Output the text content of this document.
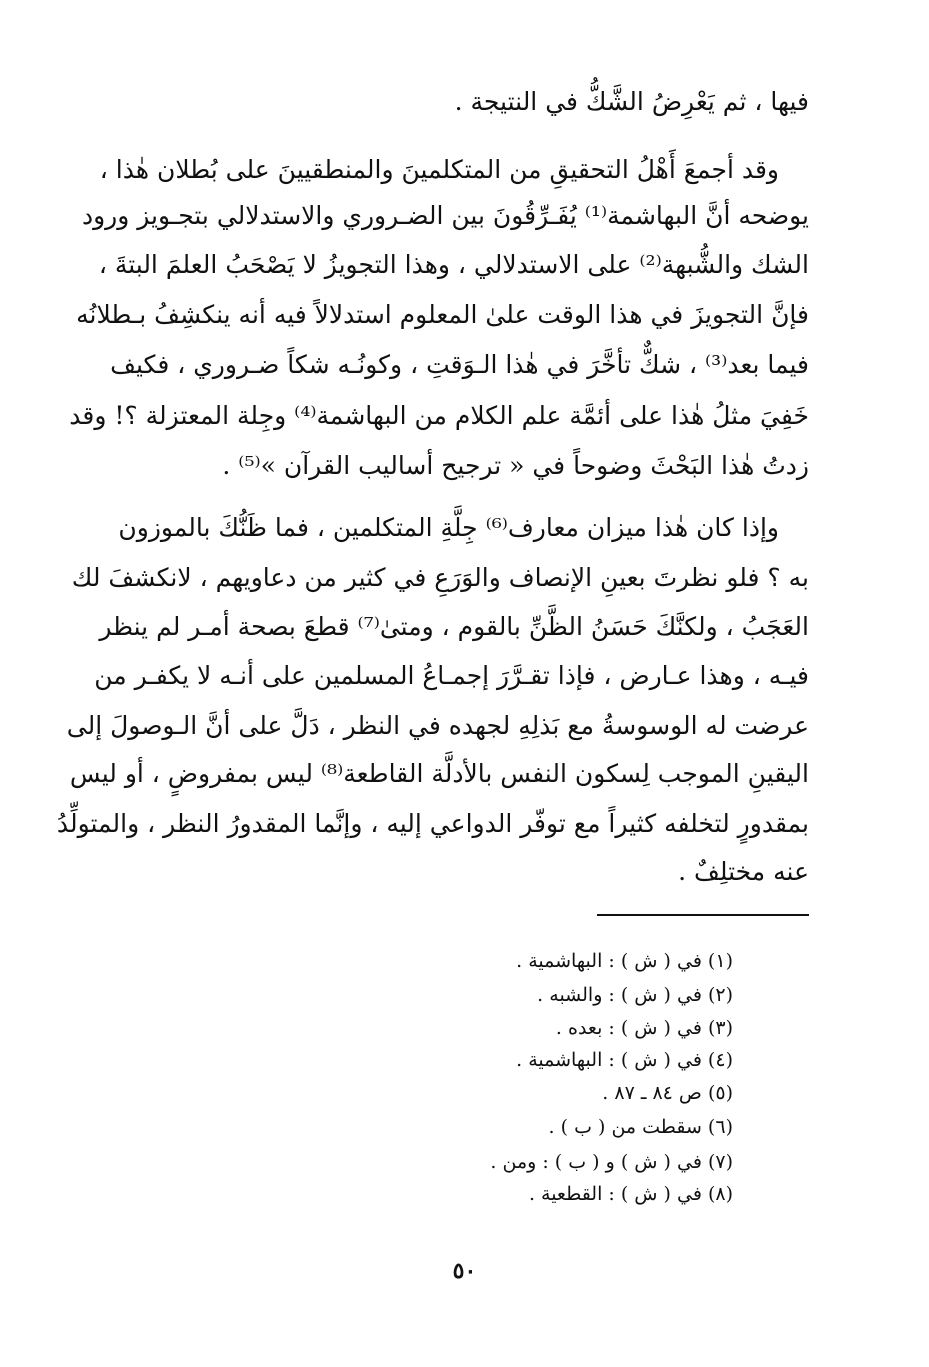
فيها ، ثم يَعْرِضُ الشَّكُّ في النتيجة .
وقد أجمعَ أَهْلُ التحقيقِ من المتكلمينَ والمنطقيينَ على بُطلان هٰذا ،
يوضحه أنَّ البهاشمة⁽¹⁾ يُفَـرِّقُونَ بين الضـروري والاستدلالي بتجـويز ورود
الشك والشُّبهة⁽²⁾ على الاستدلالي ، وهذا التجويزُ لا يَصْحَبُ العلمَ البتةَ ،
فإنَّ التجويزَ في هذا الوقت علىٰ المعلوم استدلالاً فيه أنه ينكشِفُ بـطلانُه
فيما بعد⁽³⁾ ، شكٌّ تأخَّرَ في هٰذا الـوَقتِ ، وكونُـه شكاً ضـروري ، فكيف
خَفِيَ مثلُ هٰذا على أئمَّة علم الكلام من البهاشمة⁽⁴⁾ وجِلة المعتزلة ؟! وقد
زدتُ هٰذا البَحْثَ وضوحاً في « ترجيح أساليب القرآن »⁽⁵⁾ .
وإذا كان هٰذا ميزان معارف⁽⁶⁾ جِلَّةِ المتكلمين ، فما ظَنُّكَ بالموزون
به ؟ فلو نظرتَ بعينِ الإنصاف والوَرَعِ في كثير من دعاويهم ، لانكشفَ لك
العَجَبُ ، ولكنَّكَ حَسَنُ الظَّنِّ بالقوم ، ومتىٰ⁽⁷⁾ قطعَ بصحة أمـر لم ينظر
فيـه ، وهذا عـارض ، فإذا تقـرَّرَ إجمـاعُ المسلمين على أنـه لا يكفـر من
عرضت له الوسوسةُ مع بَذلِهِ لجهده في النظر ، دَلَّ على أنَّ الـوصولَ إلى
اليقينِ الموجب لِسكون النفس بالأدلَّة القاطعة⁽⁸⁾ ليس بمفروضٍ ، أو ليس
بمقدورٍ لتخلفه كثيراً مع توفّر الدواعي إليه ، وإنَّما المقدورُ النظر ، والمتولِّدُ
عنه مختلِفٌ .
(١) في ( ش ) : البهاشمية .
(٢) في ( ش ) : والشبه .
(٣) في ( ش ) : بعده .
(٤) في ( ش ) : البهاشمية .
(٥) ص ٨٤ ـ ٨٧ .
(٦) سقطت من ( ب ) .
(٧) في ( ش ) و ( ب ) : ومن .
(٨) في ( ش ) : القطعية .
٥٠
